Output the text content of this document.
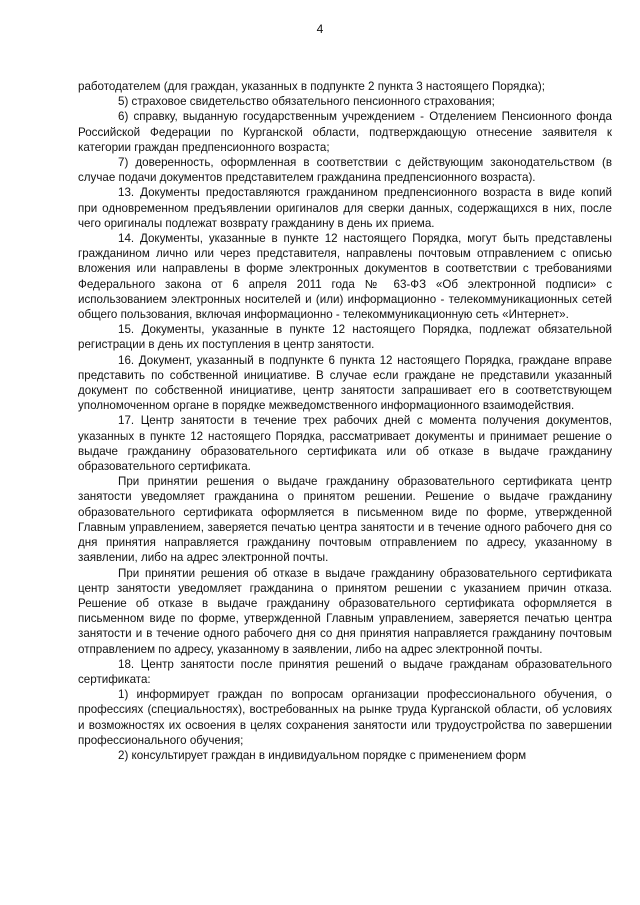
4

работодателем (для граждан, указанных в подпункте 2 пункта 3 настоящего Порядка);

5) страховое свидетельство обязательного пенсионного страхования;

6) справку, выданную государственным учреждением - Отделением Пенсионного фонда Российской Федерации по Курганской области, подтверждающую отнесение заявителя к категории граждан предпенсионного возраста;

7) доверенность, оформленная в соответствии с действующим законодательством (в случае подачи документов представителем гражданина предпенсионного возраста).

13. Документы предоставляются гражданином предпенсионного возраста в виде копий при одновременном предъявлении оригиналов для сверки данных, содержащихся в них, после чего оригиналы подлежат возврату гражданину в день их приема.

14. Документы, указанные в пункте 12 настоящего Порядка, могут быть представлены гражданином лично или через представителя, направлены почтовым отправлением с описью вложения или направлены в форме электронных документов в соответствии с требованиями Федерального закона от 6 апреля 2011 года № 63-ФЗ «Об электронной подписи» с использованием электронных носителей и (или) информационно - телекоммуникационных сетей общего пользования, включая информационно - телекоммуникационную сеть «Интернет».

15. Документы, указанные в пункте 12 настоящего Порядка, подлежат обязательной регистрации в день их поступления в центр занятости.

16. Документ, указанный в подпункте 6 пункта 12 настоящего Порядка, граждане вправе представить по собственной инициативе. В случае если граждане не представили указанный документ по собственной инициативе, центр занятости запрашивает его в соответствующем уполномоченном органе в порядке межведомственного информационного взаимодействия.

17. Центр занятости в течение трех рабочих дней с момента получения документов, указанных в пункте 12 настоящего Порядка, рассматривает документы и принимает решение о выдаче гражданину образовательного сертификата или об отказе в выдаче гражданину образовательного сертификата.

При принятии решения о выдаче гражданину образовательного сертификата центр занятости уведомляет гражданина о принятом решении. Решение о выдаче гражданину образовательного сертификата оформляется в письменном виде по форме, утвержденной Главным управлением, заверяется печатью центра занятости и в течение одного рабочего дня со дня принятия направляется гражданину почтовым отправлением по адресу, указанному в заявлении, либо на адрес электронной почты.

При принятии решения об отказе в выдаче гражданину образовательного сертификата центр занятости уведомляет гражданина о принятом решении с указанием причин отказа. Решение об отказе в выдаче гражданину образовательного сертификата оформляется в письменном виде по форме, утвержденной Главным управлением, заверяется печатью центра занятости и в течение одного рабочего дня со дня принятия направляется гражданину почтовым отправлением по адресу, указанному в заявлении, либо на адрес электронной почты.

18. Центр занятости после принятия решений о выдаче гражданам образовательного сертификата:

1) информирует граждан по вопросам организации профессионального обучения, о профессиях (специальностях), востребованных на рынке труда Курганской области, об условиях и возможностях их освоения в целях сохранения занятости или трудоустройства по завершении профессионального обучения;

2) консультирует граждан в индивидуальном порядке с применением форм
